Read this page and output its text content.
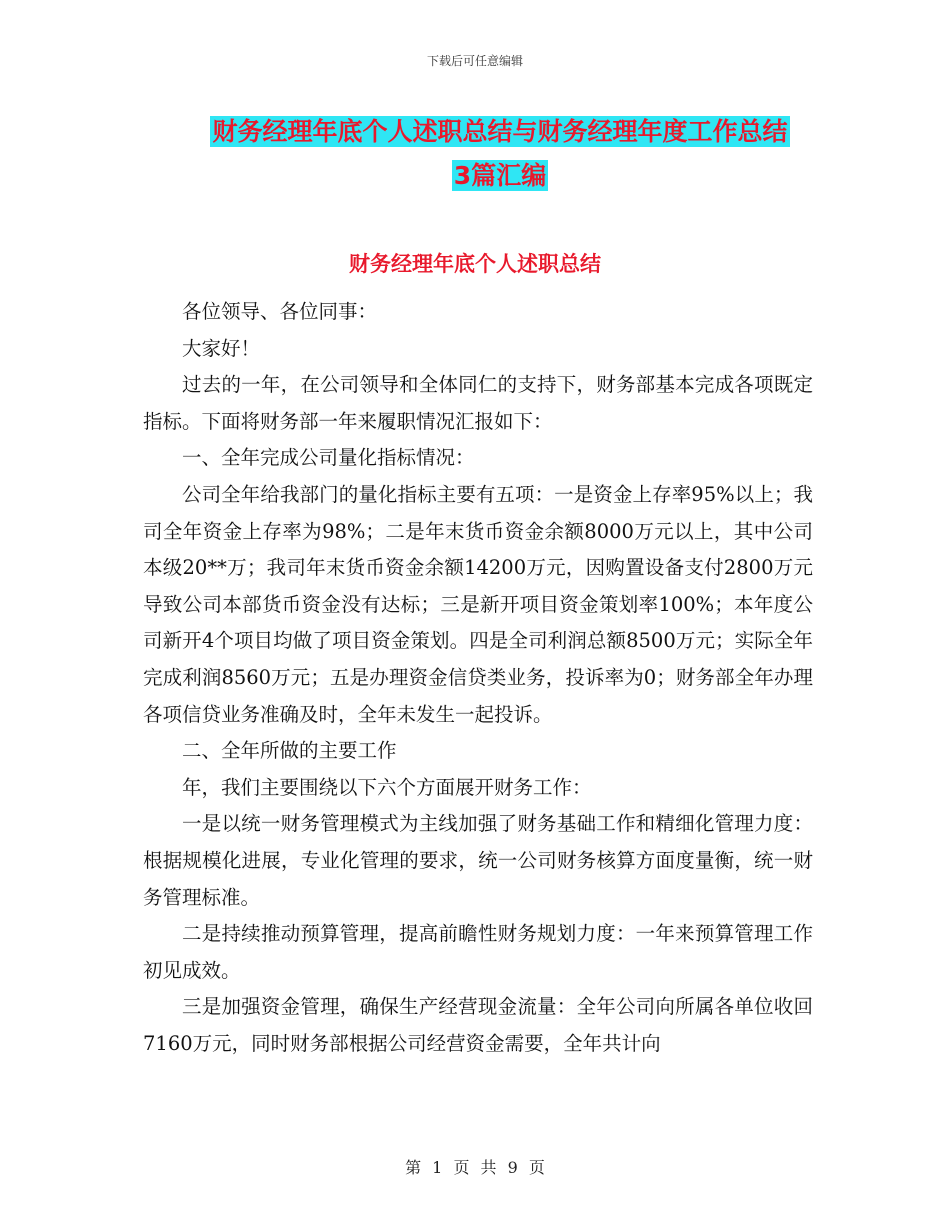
下载后可任意编辑
财务经理年底个人述职总结与财务经理年度工作总结
3篇汇编
财务经理年底个人述职总结

各位领导、各位同事：

大家好！

过去的一年，在公司领导和全体同仁的支持下，财务部基本完成各项既定指标。下面将财务部一年来履职情况汇报如下：

一、全年完成公司量化指标情况：

公司全年给我部门的量化指标主要有五项：一是资金上存率95%以上；我司全年资金上存率为98%；二是年末货币资金余额8000万元以上，其中公司本级20**万；我司年末货币资金余额14200万元，因购置设备支付2800万元导致公司本部货币资金没有达标；三是新开项目资金策划率100%；本年度公司新开4个项目均做了项目资金策划。四是全司利润总额8500万元；实际全年完成利润8560万元；五是办理资金信贷类业务，投诉率为0；财务部全年办理各项信贷业务准确及时，全年未发生一起投诉。

二、全年所做的主要工作

年，我们主要围绕以下六个方面展开财务工作：

一是以统一财务管理模式为主线加强了财务基础工作和精细化管理力度：根据规模化进展，专业化管理的要求，统一公司财务核算方面度量衡，统一财务管理标准。

二是持续推动预算管理，提高前瞻性财务规划力度：一年来预算管理工作初见成效。

三是加强资金管理，确保生产经营现金流量：全年公司向所属各单位收回7160万元，同时财务部根据公司经营资金需要，全年共计向

第 1 页 共 9 页
